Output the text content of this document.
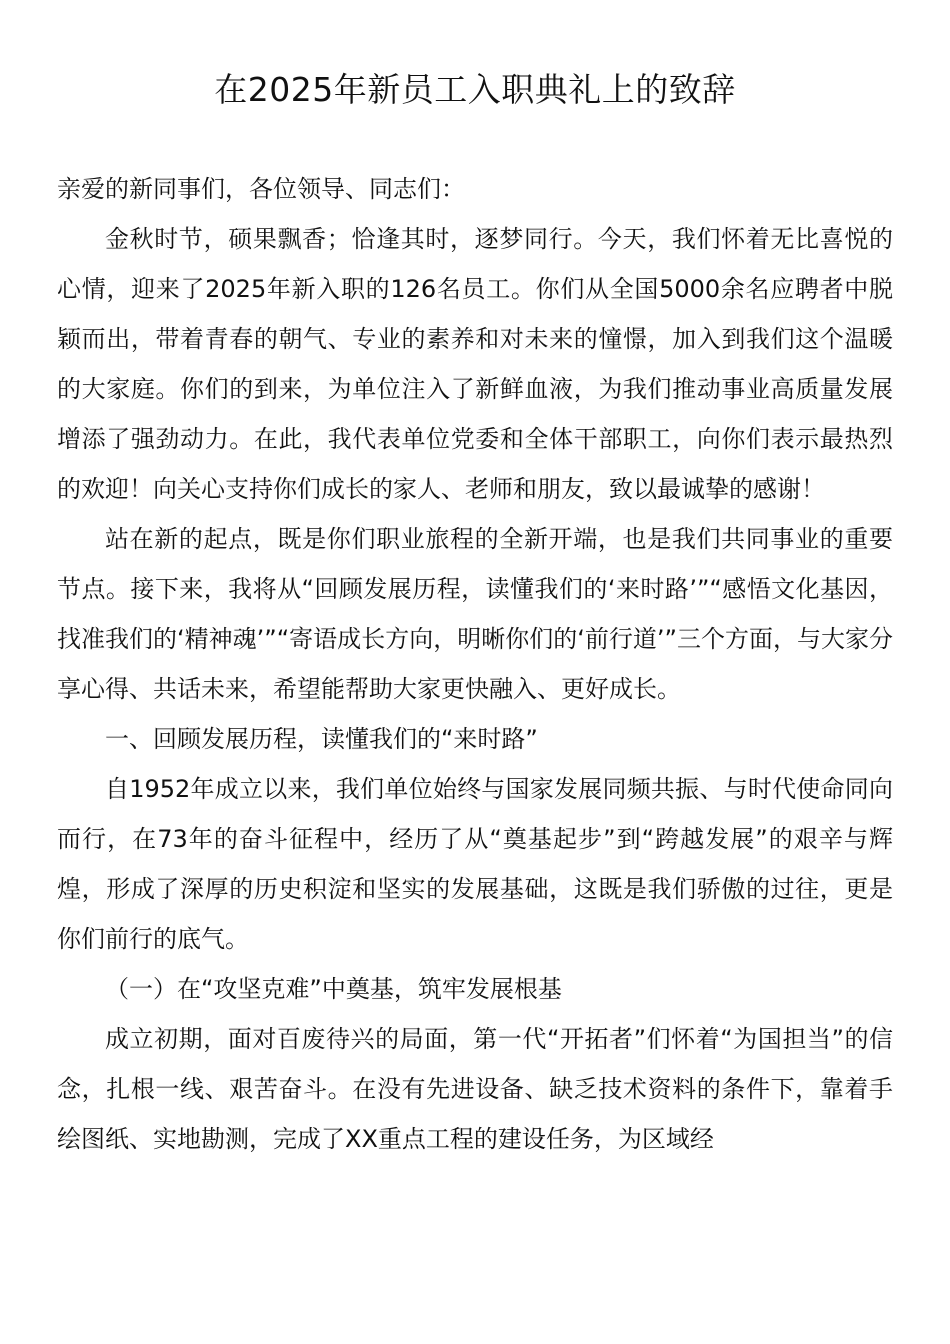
在2025年新员工入职典礼上的致辞

亲爱的新同事们，各位领导、同志们：

金秋时节，硕果飘香；恰逢其时，逐梦同行。今天，我们怀着无比喜悦的心情，迎来了2025年新入职的126名员工。你们从全国5000余名应聘者中脱颖而出，带着青春的朝气、专业的素养和对未来的憧憬，加入到我们这个温暖的大家庭。你们的到来，为单位注入了新鲜血液，为我们推动事业高质量发展增添了强劲动力。在此，我代表单位党委和全体干部职工，向你们表示最热烈的欢迎！向关心支持你们成长的家人、老师和朋友，致以最诚挚的感谢！

站在新的起点，既是你们职业旅程的全新开端，也是我们共同事业的重要节点。接下来，我将从“回顾发展历程，读懂我们的‘来时路’”“感悟文化基因，找准我们的‘精神魂’”“寄语成长方向，明晰你们的‘前行道’”三个方面，与大家分享心得、共话未来，希望能帮助大家更快融入、更好成长。

一、回顾发展历程，读懂我们的“来时路”

自1952年成立以来，我们单位始终与国家发展同频共振、与时代使命同向而行，在73年的奋斗征程中，经历了从“奠基起步”到“跨越发展”的艰辛与辉煌，形成了深厚的历史积淀和坚实的发展基础，这既是我们骄傲的过往，更是你们前行的底气。

（一）在“攻坚克难”中奠基，筑牢发展根基

成立初期，面对百废待兴的局面，第一代“开拓者”们怀着“为国担当”的信念，扎根一线、艰苦奋斗。在没有先进设备、缺乏技术资料的条件下，靠着手绘图纸、实地勘测，完成了XX重点工程的建设任务，为区域经
